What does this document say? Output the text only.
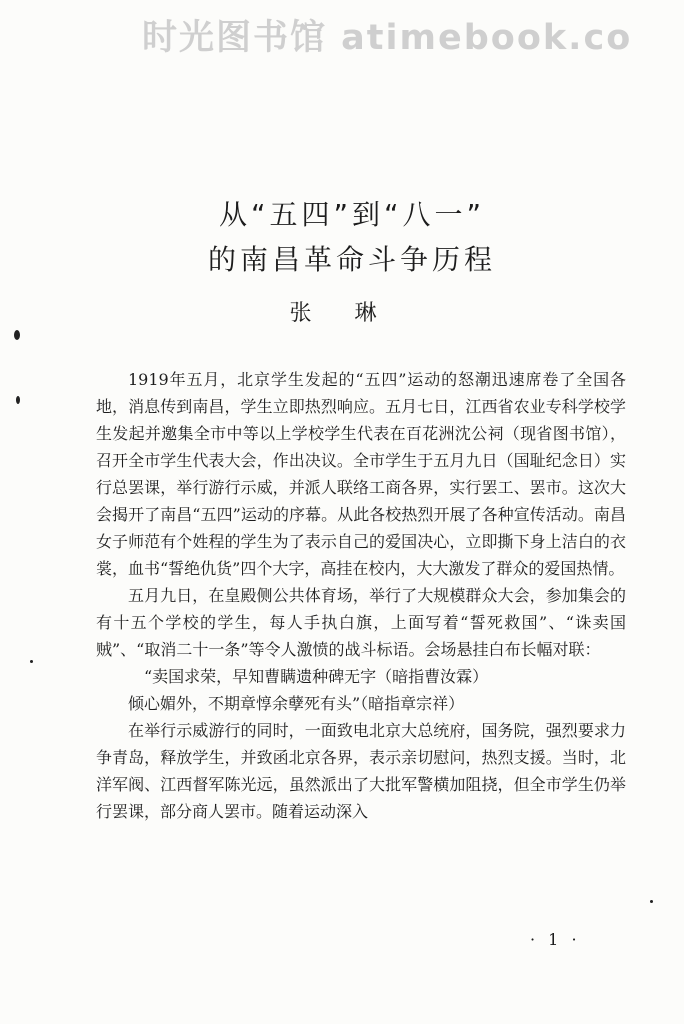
时光图书馆 atimebook.co
从“五四”到“八一”
的南昌革命斗争历程
张 琳

1919年五月，北京学生发起的“五四”运动的怒潮迅速席卷了全国各地，消息传到南昌，学生立即热烈响应。五月七日，江西省农业专科学校学生发起并邀集全市中等以上学校学生代表在百花洲沈公祠（现省图书馆），召开全市学生代表大会，作出决议。全市学生于五月九日（国耻纪念日）实行总罢课，举行游行示威，并派人联络工商各界，实行罢工、罢市。这次大会揭开了南昌“五四”运动的序幕。从此各校热烈开展了各种宣传活动。南昌女子师范有个姓程的学生为了表示自己的爱国决心，立即撕下身上洁白的衣裳，血书“誓绝仇货”四个大字，高挂在校内，大大激发了群众的爱国热情。

五月九日，在皇殿侧公共体育场，举行了大规模群众大会，参加集会的有十五个学校的学生，每人手执白旗，上面写着“誓死救国”、“诛卖国贼”、“取消二十一条”等令人激愤的战斗标语。会场悬挂白布长幅对联：

“卖国求荣，早知曹瞒遗种碑无字（暗指曹汝霖）

倾心媚外，不期章惇余孽死有头”（暗指章宗祥）

在举行示威游行的同时，一面致电北京大总统府，国务院，强烈要求力争青岛，释放学生，并致函北京各界，表示亲切慰问，热烈支援。当时，北洋军阀、江西督军陈光远，虽然派出了大批军警横加阻挠，但全市学生仍举行罢课，部分商人罢市。随着运动深入

· 1 ·
